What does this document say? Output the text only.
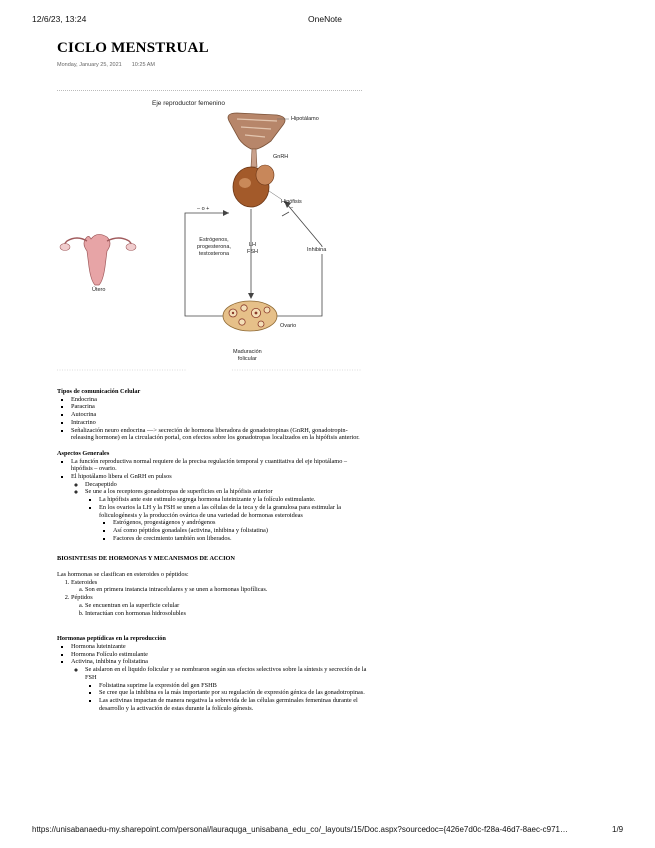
12/6/23, 13:24	OneNote
CICLO MENSTRUAL
Monday, January 25, 2021 10:25 AM
Eje reproductor femenino
Hipotálamo
GnRH
Hipófisis
– o +	–
Estrógenos,
progesterona,
testosterona
LH
FSH	Inhibina
Útero
Ovario
Maduración
folicular
Tipos de comunicación Celular
▪ Endocrina
▪ Paracrina
▪ Autocrina
▪ Intracrino
▪ Señalización neuro endocrina —> secreción de hormona liberadora de gonadotropinas (GnRH, gonadotropin-releasing hormone) en la circulación portal, con efectos sobre los gonadotropas localizados en la hipófisis anterior.
Aspectos Generales
▪ La función reproductiva normal requiere de la precisa regulación temporal y cuantitativa del eje hipotálamo – hipófisis – ovario.
▪ El hipotálamo libera el GnRH en pulsos
◦ Decapeptido
◦ Se une a los receptores gonadotropas de superficies en la hipófisis anterior
▪ La hipófisis ante este estimulo segrega hormona luteinizante y la folículo estimulante.
▪ En los ovarios la LH y la FSH se unen a las células de la teca y de la granulosa para estimular la foliculogénesis y la producción ovárica de una variedad de hormonas esteroideas
▪ Estrógenos, progestágenos y andrógenos
▪ Así como péptidos gonadales (activina, inhibina y folistatina)
▪ Factores de crecimiento también son liberados.
BIOSINTESIS DE HORMONAS Y MECANISMOS DE ACCION
Las hormonas se clasifican en esteroides o péptidos:
1. Esteroides
a. Son en primera instancia intracelulares y se unen a hormonas lipofílicas.
2. Péptidos
a. Se encuentran en la superficie celular
b. Interactúan con hormonas hidrosolubles
Hormonas peptídicas en la reproducción
▪ Hormona luteinizante
▪ Hormona Folículo estimulante
▪ Activina, inhibina y folistatina
◦ Se aislaron en el liquido folicular y se nombraron según sus efectos selectivos sobre la síntesis y secreción de la FSH
▪ Folistatina suprime la expresión del gen FSHB
▪ Se cree que la inhibina es la más importante por su regulación de expresión génica de las gonadotropinas.
▪ Las activinas impactan de manera negativa la sobrevida de las células germinales femeninas durante el desarrollo y la activación de estas durante la folículo génesis.
https://unisabanaedu-my.sharepoint.com/personal/lauraquga_unisabana_edu_co/_layouts/15/Doc.aspx?sourcedoc={426e7d0c-f28a-46d7-8aec-c971…	1/9
